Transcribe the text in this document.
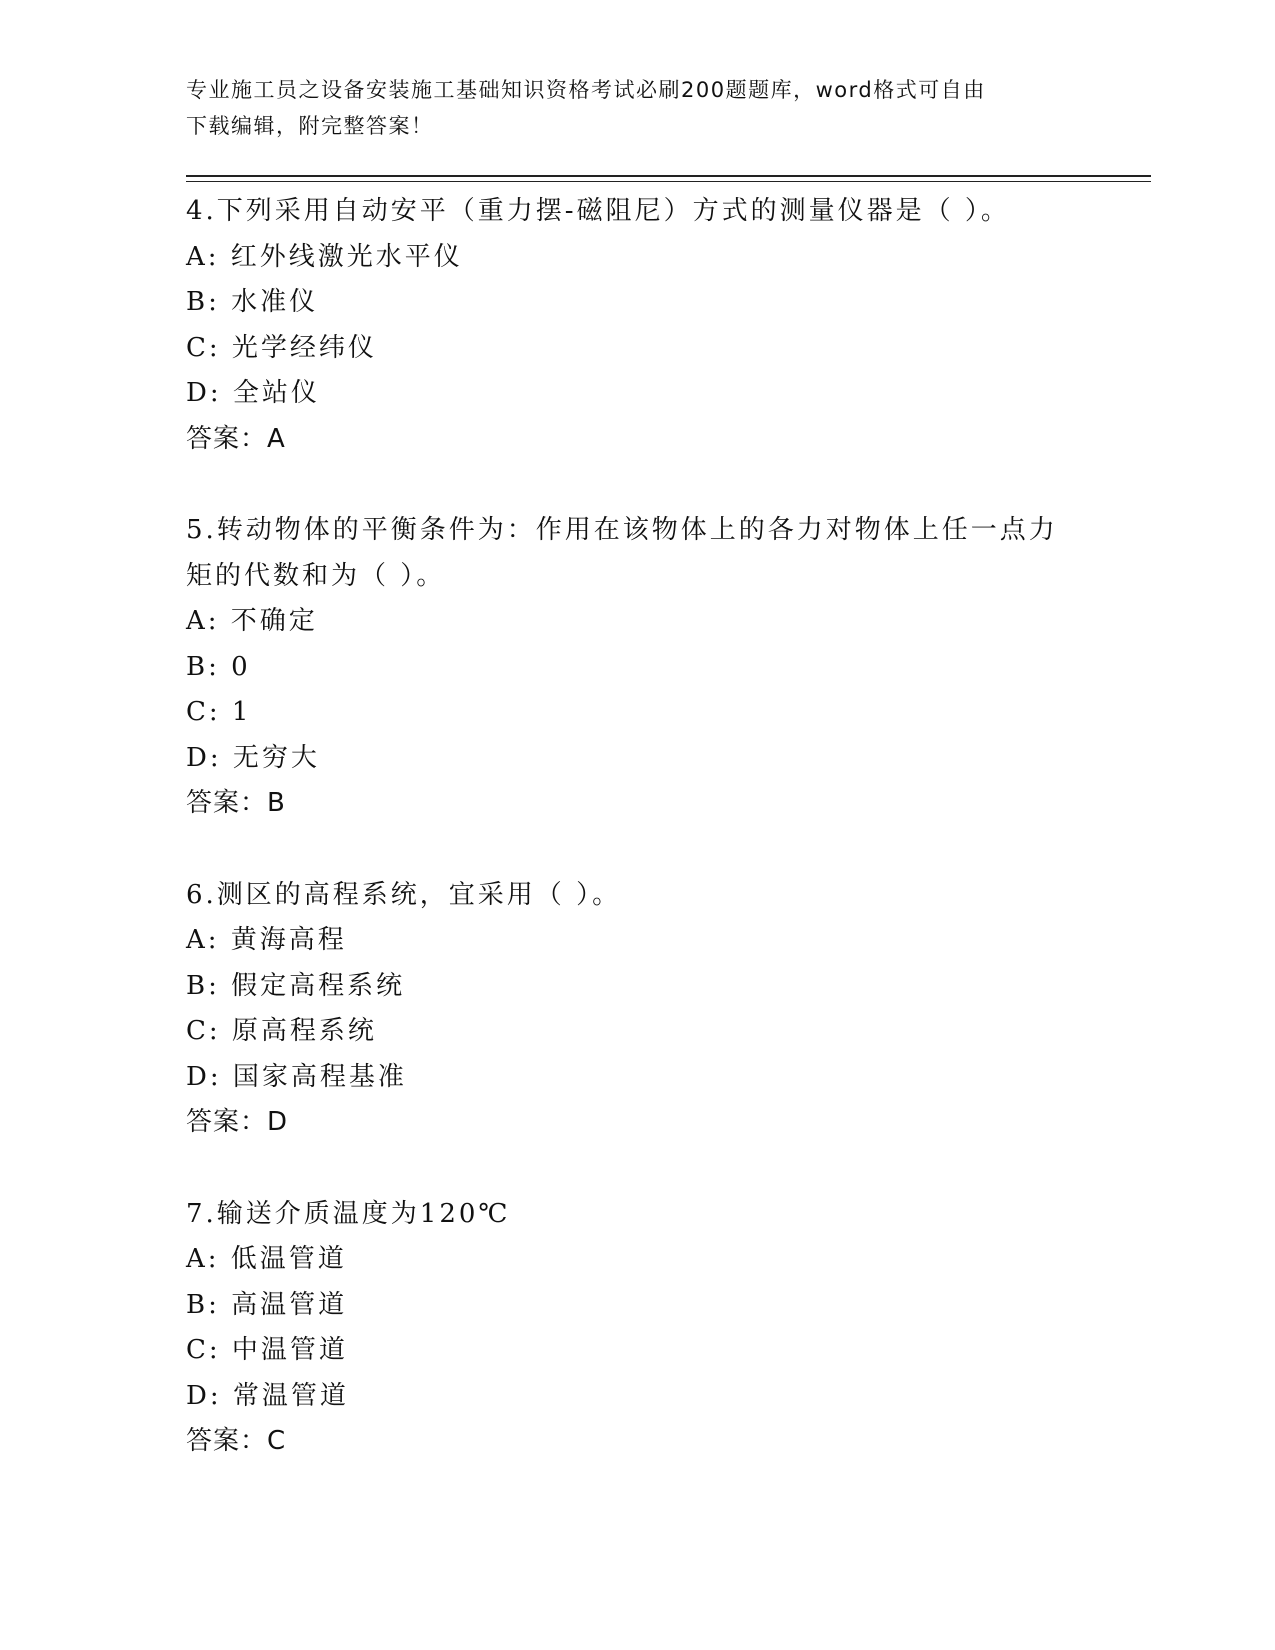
专业施工员之设备安装施工基础知识资格考试必刷200题题库，word格式可自由
下载编辑，附完整答案！
4.下列采用自动安平（重力摆-磁阻尼）方式的测量仪器是（ ）。
A: 红外线激光水平仪
B: 水准仪
C: 光学经纬仪
D: 全站仪
答案：A
5.转动物体的平衡条件为：作用在该物体上的各力对物体上任一点力
矩的代数和为（ ）。
A: 不确定
B: 0
C: 1
D: 无穷大
答案：B
6.测区的高程系统，宜采用（ ）。
A: 黄海高程
B: 假定高程系统
C: 原高程系统
D: 国家高程基准
答案：D
7.输送介质温度为120℃
A: 低温管道
B: 高温管道
C: 中温管道
D: 常温管道
答案：C
